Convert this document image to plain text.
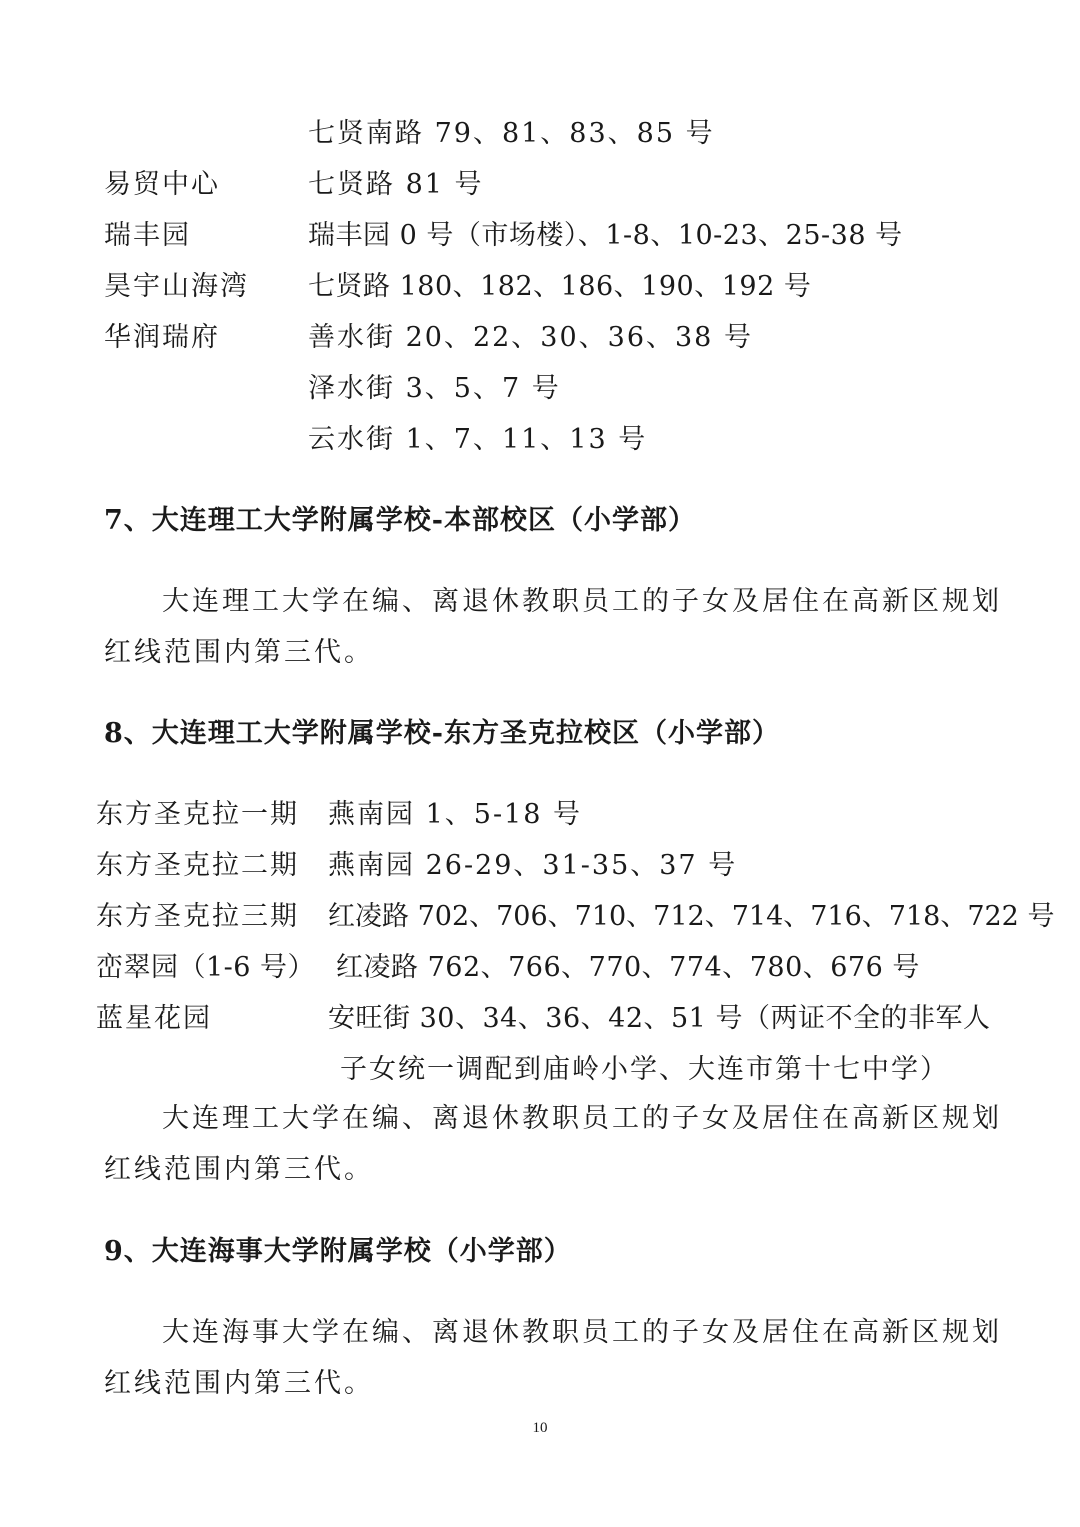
七贤南路 79、81、83、85 号
易贸中心	七贤路 81 号
瑞丰园	瑞丰园 0 号（市场楼）、1-8、10-23、25-38 号
昊宇山海湾 七贤路 180、182、186、190、192 号
华润瑞府	善水街 20、22、30、36、38 号
泽水街 3、5、7 号
云水街 1、7、11、13 号
7、大连理工大学附属学校-本部校区（小学部）
大连理工大学在编、离退休教职员工的子女及居住在高新区规划
红线范围内第三代。
8、大连理工大学附属学校-东方圣克拉校区（小学部）
东方圣克拉一期 燕南园 1、5-18 号
东方圣克拉二期 燕南园 26-29、31-35、37 号
东方圣克拉三期 红凌路 702、706、710、712、714、716、718、722 号
峦翠园（1-6 号） 红凌路 762、766、770、774、780、676 号
蓝星花园	安旺街 30、34、36、42、51 号（两证不全的非军人
子女统一调配到庙岭小学、大连市第十七中学）
大连理工大学在编、离退休教职员工的子女及居住在高新区规划
红线范围内第三代。
9、大连海事大学附属学校（小学部）
大连海事大学在编、离退休教职员工的子女及居住在高新区规划
红线范围内第三代。
10
